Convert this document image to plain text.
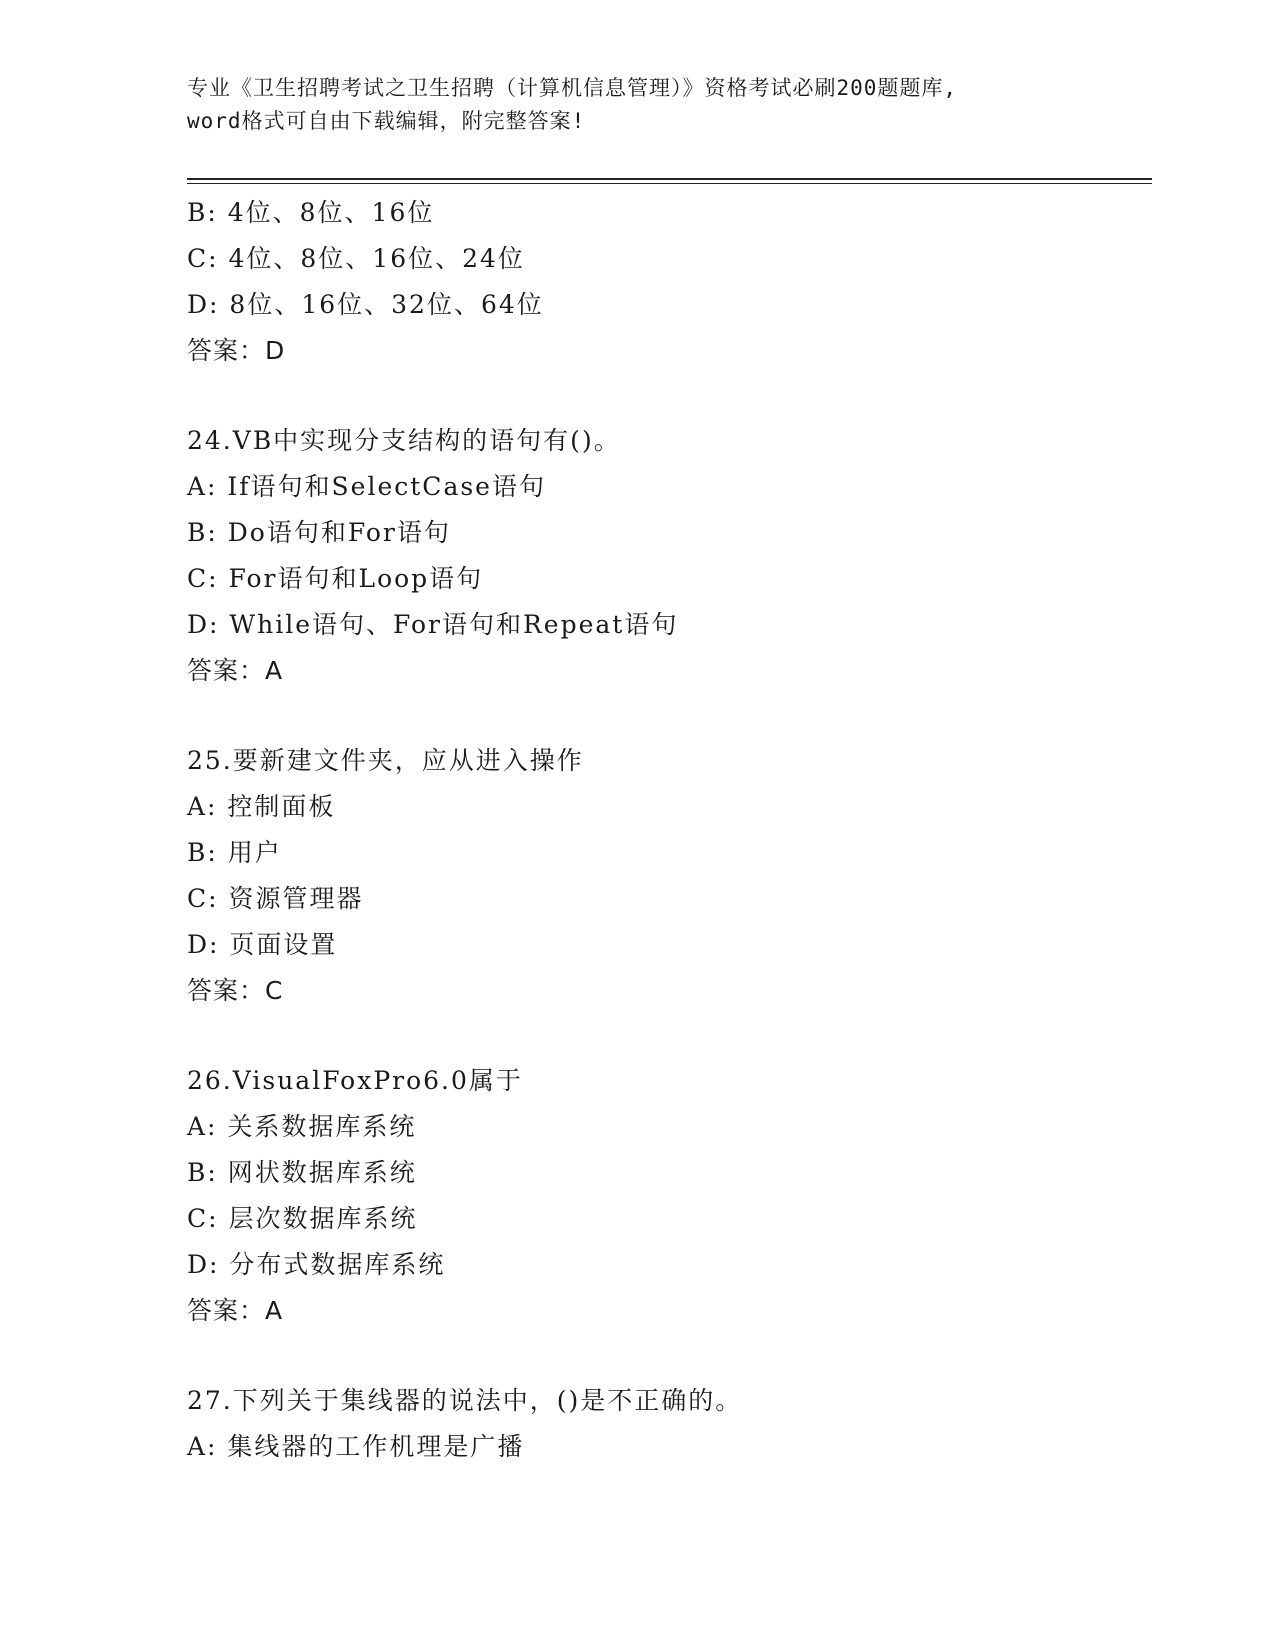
专业《卫生招聘考试之卫生招聘（计算机信息管理）》资格考试必刷200题题库,
word格式可自由下载编辑，附完整答案!
B: 4位、8位、16位
C: 4位、8位、16位、24位
D: 8位、16位、32位、64位
答案：D
24.VB中实现分支结构的语句有()。
A: If语句和SelectCase语句
B: Do语句和For语句
C: For语句和Loop语句
D: While语句、For语句和Repeat语句
答案：A
25.要新建文件夹，应从进入操作
A: 控制面板
B: 用户
C: 资源管理器
D: 页面设置
答案：C
26.VisualFoxPro6.0属于
A: 关系数据库系统
B: 网状数据库系统
C: 层次数据库系统
D: 分布式数据库系统
答案：A
27.下列关于集线器的说法中，()是不正确的。
A: 集线器的工作机理是广播
